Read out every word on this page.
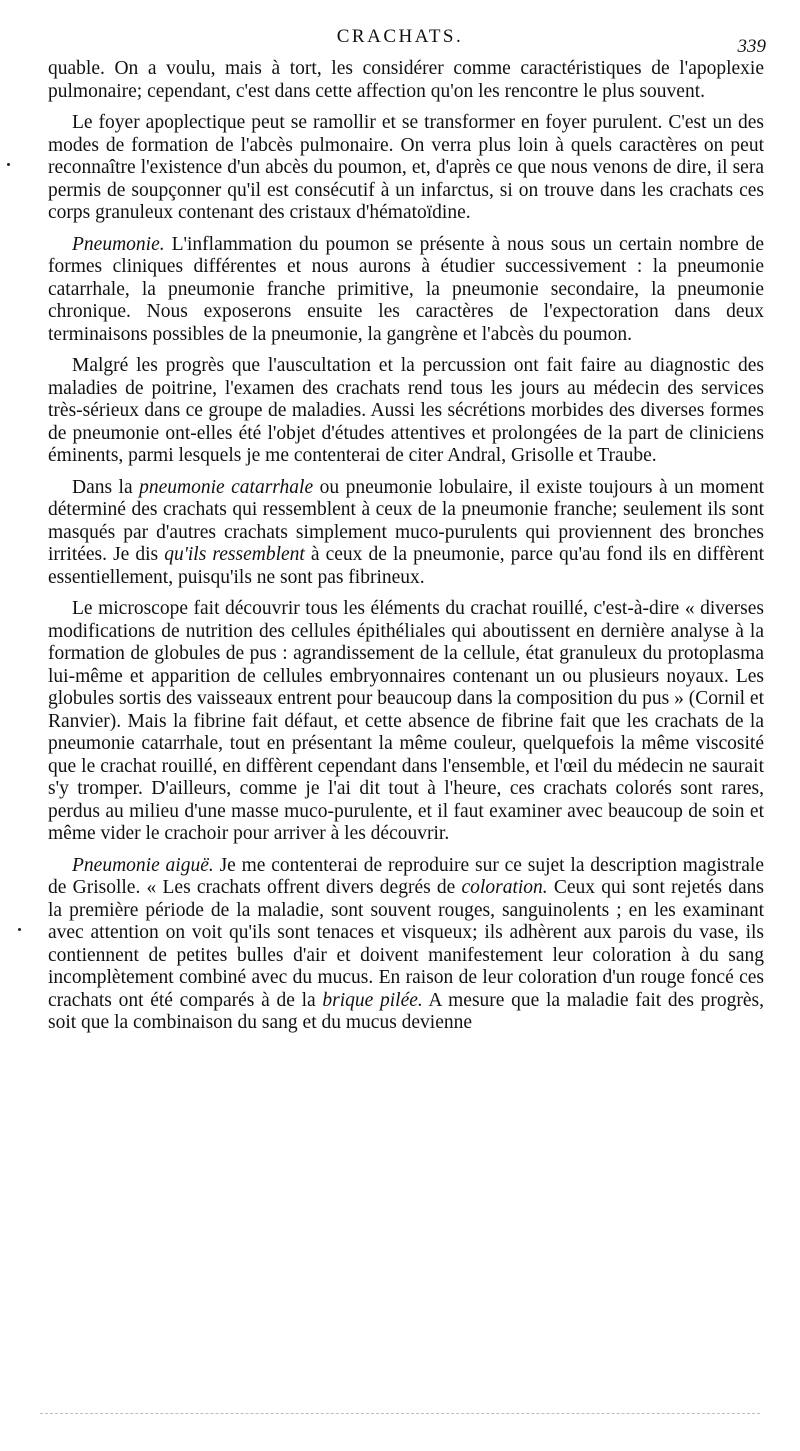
CRACHATS.	339

quable. On a voulu, mais à tort, les considérer comme caractéristiques de l'apoplexie pulmonaire; cependant, c'est dans cette affection qu'on les rencontre le plus souvent.

Le foyer apoplectique peut se ramollir et se transformer en foyer purulent. C'est un des modes de formation de l'abcès pulmonaire. On verra plus loin à quels caractères on peut reconnaître l'existence d'un abcès du poumon, et, d'après ce que nous venons de dire, il sera permis de soupçonner qu'il est consécutif à un infarctus, si on trouve dans les crachats ces corps granuleux contenant des cristaux d'hématoïdine.

Pneumonie. L'inflammation du poumon se présente à nous sous un certain nombre de formes cliniques différentes et nous aurons à étudier successivement : la pneumonie catarrhale, la pneumonie franche primitive, la pneumonie secondaire, la pneumonie chronique. Nous exposerons ensuite les caractères de l'expectoration dans deux terminaisons possibles de la pneumonie, la gangrène et l'abcès du poumon.

Malgré les progrès que l'auscultation et la percussion ont fait faire au diagnostic des maladies de poitrine, l'examen des crachats rend tous les jours au médecin des services très-sérieux dans ce groupe de maladies. Aussi les sécrétions morbides des diverses formes de pneumonie ont-elles été l'objet d'études attentives et prolongées de la part de cliniciens éminents, parmi lesquels je me contenterai de citer Andral, Grisolle et Traube.

Dans la pneumonie catarrhale ou pneumonie lobulaire, il existe toujours à un moment déterminé des crachats qui ressemblent à ceux de la pneumonie franche; seulement ils sont masqués par d'autres crachats simplement muco-purulents qui proviennent des bronches irritées. Je dis qu'ils ressemblent à ceux de la pneumonie, parce qu'au fond ils en diffèrent essentiellement, puisqu'ils ne sont pas fibrineux.

Le microscope fait découvrir tous les éléments du crachat rouillé, c'est-à-dire « diverses modifications de nutrition des cellules épithéliales qui aboutissent en dernière analyse à la formation de globules de pus : agrandissement de la cellule, état granuleux du protoplasma lui-même et apparition de cellules embryonnaires contenant un ou plusieurs noyaux. Les globules sortis des vaisseaux entrent pour beaucoup dans la composition du pus » (Cornil et Ranvier). Mais la fibrine fait défaut, et cette absence de fibrine fait que les crachats de la pneumonie catarrhale, tout en présentant la même couleur, quelquefois la même viscosité que le crachat rouillé, en diffèrent cependant dans l'ensemble, et l'œil du médecin ne saurait s'y tromper. D'ailleurs, comme je l'ai dit tout à l'heure, ces crachats colorés sont rares, perdus au milieu d'une masse muco-purulente, et il faut examiner avec beaucoup de soin et même vider le crachoir pour arriver à les découvrir.

Pneumonie aiguë. Je me contenterai de reproduire sur ce sujet la description magistrale de Grisolle. « Les crachats offrent divers degrés de coloration. Ceux qui sont rejetés dans la première période de la maladie, sont souvent rouges, sanguinolents ; en les examinant avec attention on voit qu'ils sont tenaces et visqueux; ils adhèrent aux parois du vase, ils contiennent de petites bulles d'air et doivent manifestement leur coloration à du sang incomplètement combiné avec du mucus. En raison de leur coloration d'un rouge foncé ces crachats ont été comparés à de la brique pilée. A mesure que la maladie fait des progrès, soit que la combinaison du sang et du mucus devienne
